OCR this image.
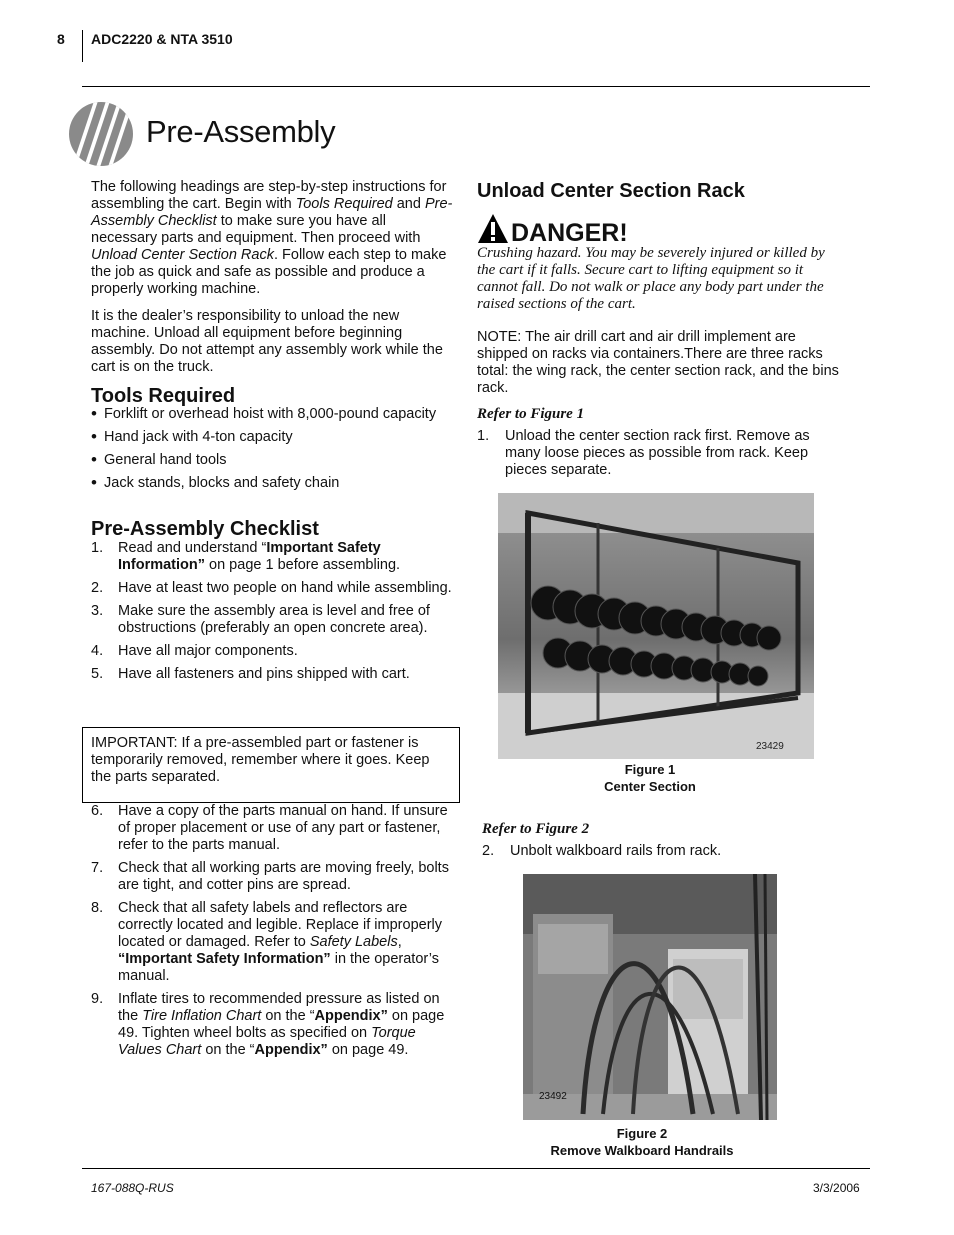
8 ADC2220 & NTA 3510
Pre-Assembly
The following headings are step-by-step instructions for assembling the cart. Begin with Tools Required and Pre-Assembly Checklist to make sure you have all necessary parts and equipment. Then proceed with Unload Center Section Rack. Follow each step to make the job as quick and safe as possible and produce a properly working machine.
It is the dealer’s responsibility to unload the new machine. Unload all equipment before beginning assembly. Do not attempt any assembly work while the cart is on the truck.
Tools Required
• Forklift or overhead hoist with 8,000-pound capacity
• Hand jack with 4-ton capacity
• General hand tools
• Jack stands, blocks and safety chain
Pre-Assembly Checklist
1.	Read and understand “Important Safety Information” on page 1 before assembling.
2.	Have at least two people on hand while assembling.
3.	Make sure the assembly area is level and free of obstructions (preferably an open concrete area).
4.	Have all major components.
5.	Have all fasteners and pins shipped with cart.
IMPORTANT: If a pre-assembled part or fastener is temporarily removed, remember where it goes. Keep the parts separated.
6.	Have a copy of the parts manual on hand. If unsure of proper placement or use of any part or fastener, refer to the parts manual.
7.	Check that all working parts are moving freely, bolts are tight, and cotter pins are spread.
8.	Check that all safety labels and reflectors are correctly located and legible. Replace if improperly located or damaged. Refer to Safety Labels, “Important Safety Information” in the operator’s manual.
9.	Inflate tires to recommended pressure as listed on the Tire Inflation Chart on the “Appendix” on page 49. Tighten wheel bolts as specified on Torque Values Chart on the “Appendix” on page 49.
Unload Center Section Rack
DANGER!
Crushing hazard. You may be severely injured or killed by the cart if it falls. Secure cart to lifting equipment so it cannot fall. Do not walk or place any body part under the raised sections of the cart.
NOTE: The air drill cart and air drill implement are shipped on racks via containers.There are three racks total: the wing rack, the center section rack, and the bins rack.
Refer to Figure 1
1.	Unload the center section rack first. Remove as many loose pieces as possible from rack. Keep pieces separate.
23429
Figure 1
Center Section
Refer to Figure 2
2.	Unbolt walkboard rails from rack.
23492
Figure 2
Remove Walkboard Handrails
167-088Q-RUS	3/3/2006
